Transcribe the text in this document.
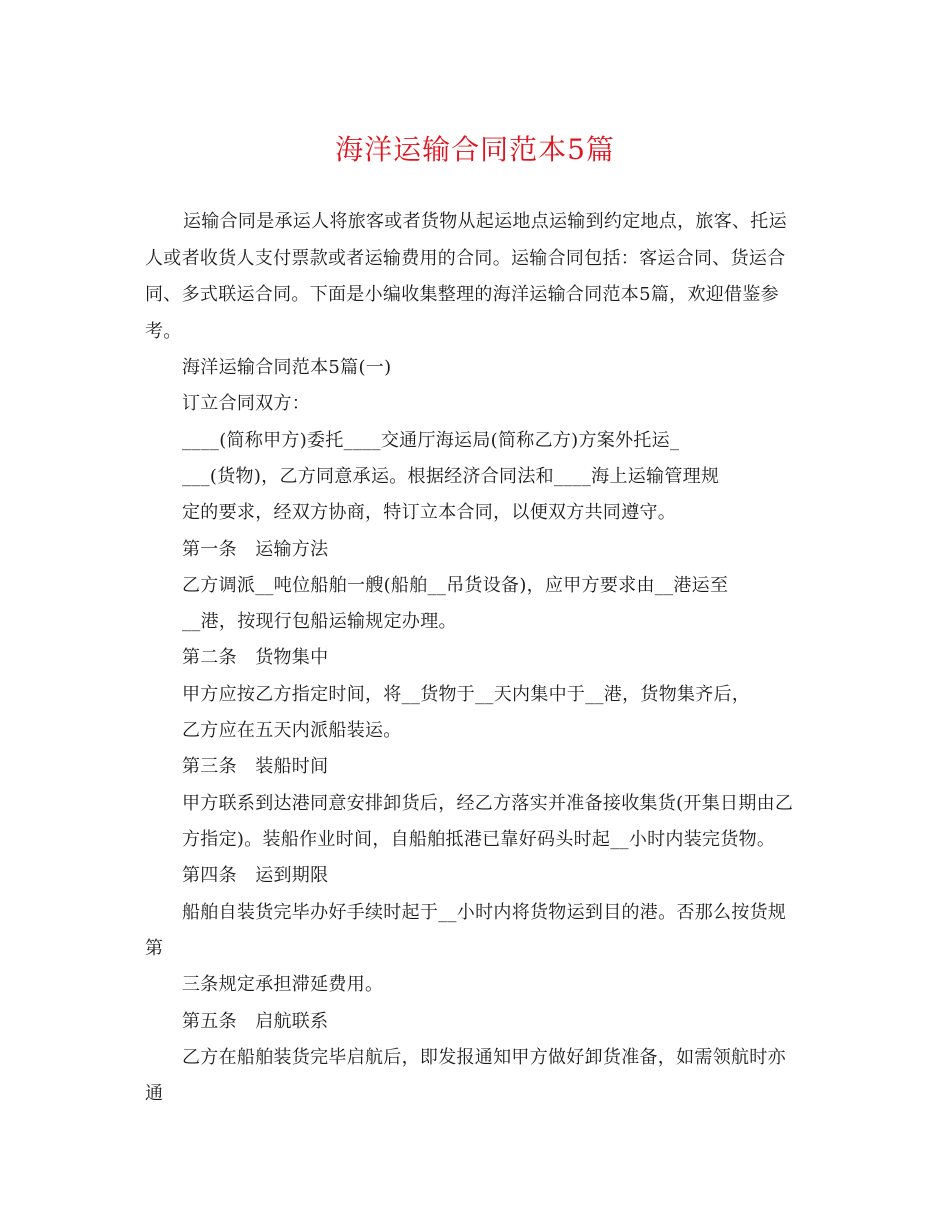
海洋运输合同范本5篇

运输合同是承运人将旅客或者货物从起运地点运输到约定地点，旅客、托运人或者收货人支付票款或者运输费用的合同。运输合同包括：客运合同、货运合同、多式联运合同。下面是小编收集整理的海洋运输合同范本5篇，欢迎借鉴参考。

海洋运输合同范本5篇(一)

订立合同双方：

____(简称甲方)委托____交通厅海运局(简称乙方)方案外托运_

___(货物)，乙方同意承运。根据经济合同法和____海上运输管理规

定的要求，经双方协商，特订立本合同，以便双方共同遵守。

第一条　运输方法

乙方调派__吨位船舶一艘(船舶__吊货设备)，应甲方要求由__港运至

__港，按现行包船运输规定办理。

第二条　货物集中

甲方应按乙方指定时间，将__货物于__天内集中于__港，货物集齐后，

乙方应在五天内派船装运。

第三条　装船时间

甲方联系到达港同意安排卸货后，经乙方落实并准备接收集货(开集日期由乙

方指定)。装船作业时间，自船舶抵港已靠好码头时起__小时内装完货物。

第四条　运到期限

船舶自装货完毕办好手续时起于__小时内将货物运到目的港。否那么按货规

第

三条规定承担滞延费用。

第五条　启航联系

乙方在船舶装货完毕启航后，即发报通知甲方做好卸货准备，如需领航时亦

通
